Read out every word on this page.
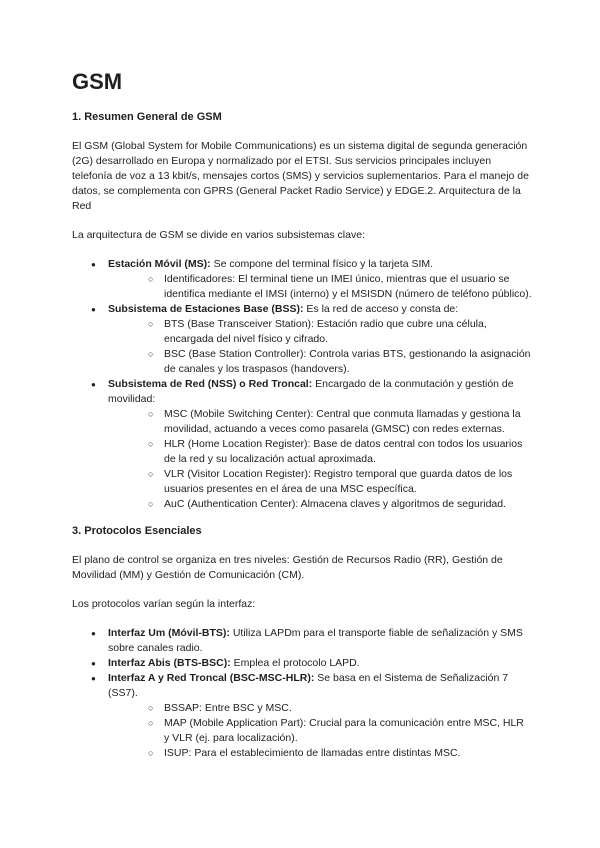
GSM
1. Resumen General de GSM

El GSM (Global System for Mobile Communications) es un sistema digital de segunda generación (2G) desarrollado en Europa y normalizado por el ETSI. Sus servicios principales incluyen telefonía de voz a 13 kbit/s, mensajes cortos (SMS) y servicios suplementarios. Para el manejo de datos, se complementa con GPRS (General Packet Radio Service) y EDGE.2. Arquitectura de la Red

La arquitectura de GSM se divide en varios subsistemas clave:

● Estación Móvil (MS): Se compone del terminal físico y la tarjeta SIM.
○ Identificadores: El terminal tiene un IMEI único, mientras que el usuario se identifica mediante el IMSI (interno) y el MSISDN (número de teléfono público).
● Subsistema de Estaciones Base (BSS): Es la red de acceso y consta de:
○ BTS (Base Transceiver Station): Estación radio que cubre una célula, encargada del nivel físico y cifrado.
○ BSC (Base Station Controller): Controla varias BTS, gestionando la asignación de canales y los traspasos (handovers).
● Subsistema de Red (NSS) o Red Troncal: Encargado de la conmutación y gestión de movilidad:
○ MSC (Mobile Switching Center): Central que conmuta llamadas y gestiona la movilidad, actuando a veces como pasarela (GMSC) con redes externas.
○ HLR (Home Location Register): Base de datos central con todos los usuarios de la red y su localización actual aproximada.
○ VLR (Visitor Location Register): Registro temporal que guarda datos de los usuarios presentes en el área de una MSC específica.
○ AuC (Authentication Center): Almacena claves y algoritmos de seguridad.
3. Protocolos Esenciales

El plano de control se organiza en tres niveles: Gestión de Recursos Radio (RR), Gestión de Movilidad (MM) y Gestión de Comunicación (CM).

Los protocolos varían según la interfaz:

● Interfaz Um (Móvil-BTS): Utiliza LAPDm para el transporte fiable de señalización y SMS sobre canales radio.
● Interfaz Abis (BTS-BSC): Emplea el protocolo LAPD.
● Interfaz A y Red Troncal (BSC-MSC-HLR): Se basa en el Sistema de Señalización 7 (SS7).
○ BSSAP: Entre BSC y MSC.
○ MAP (Mobile Application Part): Crucial para la comunicación entre MSC, HLR y VLR (ej. para localización).
○ ISUP: Para el establecimiento de llamadas entre distintas MSC.
